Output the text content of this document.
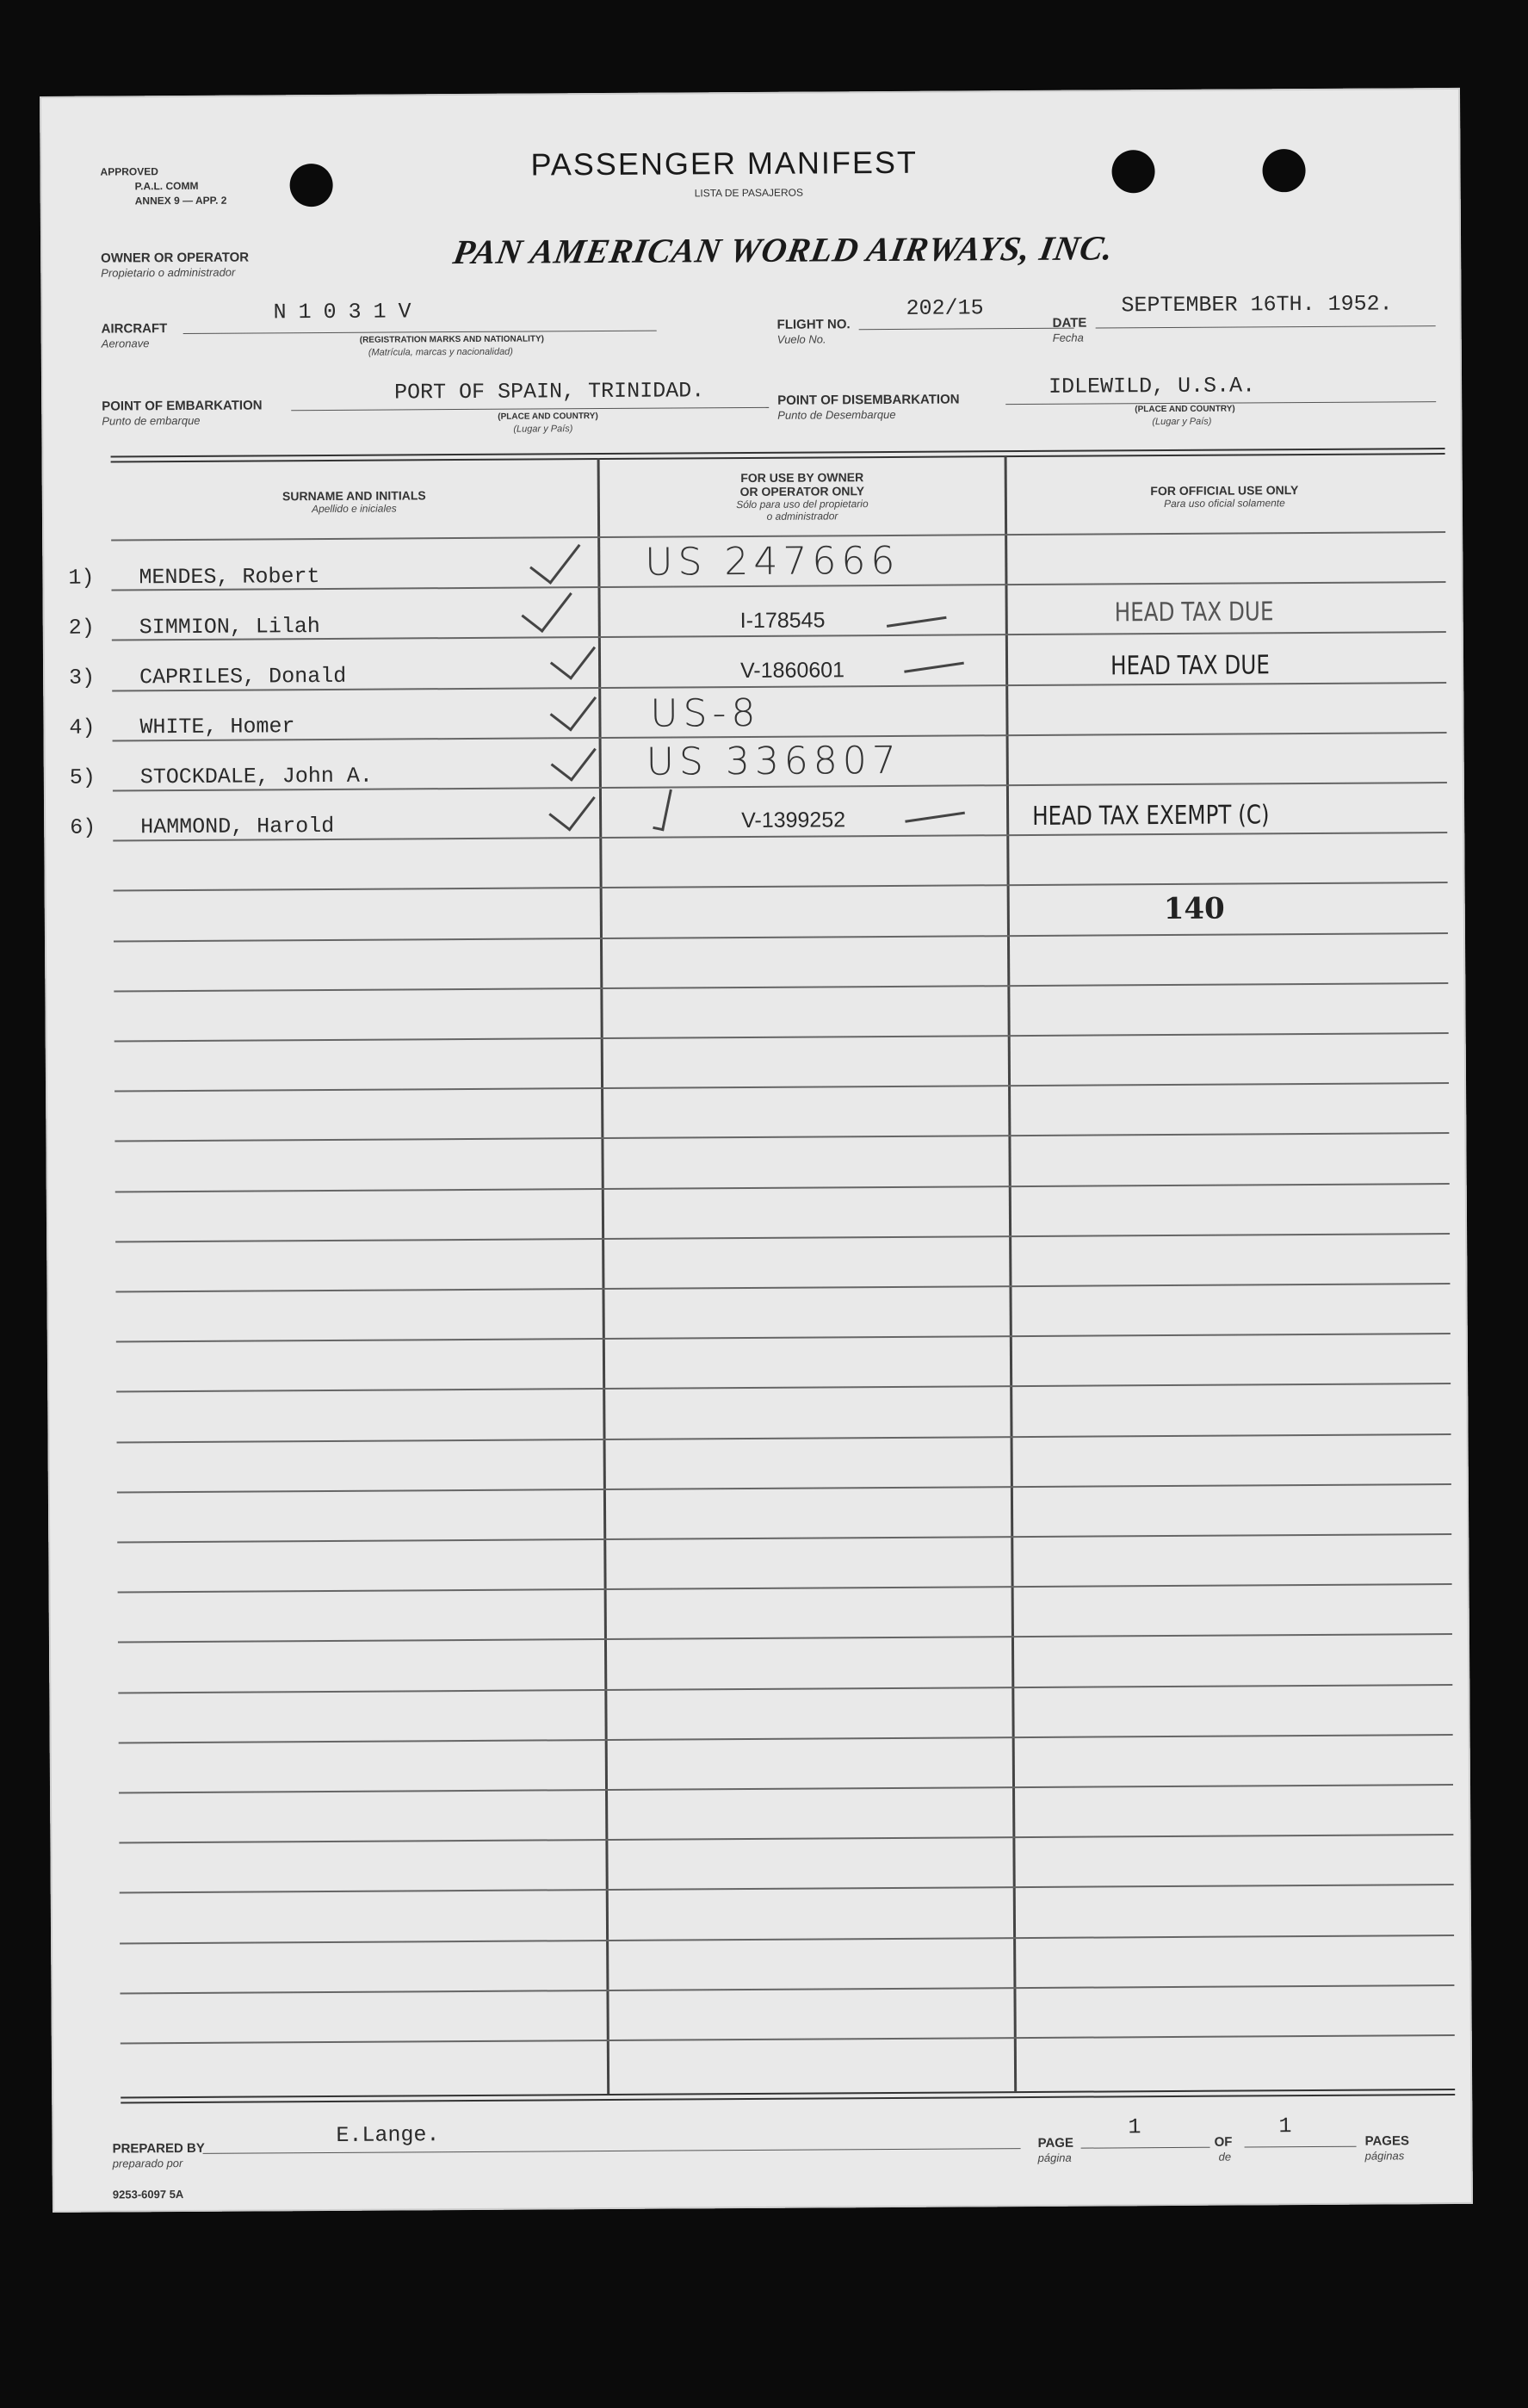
APPROVED
P.A.L. COMM
ANNEX 9 — APP. 2
PASSENGER MANIFEST
LISTA DE PASAJEROS
OWNER OR OPERATOR
Propietario o administrador
PAN AMERICAN WORLD AIRWAYS, INC.
AIRCRAFT
Aeronave
N1031V
(REGISTRATION MARKS AND NATIONALITY)
(Matrícula, marcas y nacionalidad)
FLIGHT NO.
Vuelo No.
202/15
DATE
Fecha
SEPTEMBER 16TH. 1952.
POINT OF EMBARKATION
Punto de embarque
PORT OF SPAIN, TRINIDAD.
(PLACE AND COUNTRY)
(Lugar y País)
POINT OF DISEMBARKATION
Punto de Desembarque
IDLEWILD, U.S.A.
(PLACE AND COUNTRY)
(Lugar y País)
SURNAME AND INITIALS
Apellido e iniciales
FOR USE BY OWNER
OR OPERATOR ONLY
Sólo para uso del propietario
o administrador
FOR OFFICIAL USE ONLY
Para uso oficial solamente
1) MENDES, Robert	US 247666
2) SIMMION, Lilah	I-178545	HEAD TAX DUE
3) CAPRILES, Donald	V-1860601	HEAD TAX DUE
4) WHITE, Homer	US-8
5) STOCKDALE, John A.	US 336807
6) HAMMOND, Harold	V-1399252	HEAD TAX EXEMPT (C)
140
PREPARED BY
preparado por
E.Lange.	PAGE
página
1
OF
de
1
PAGES
páginas
9253-6097 5A
